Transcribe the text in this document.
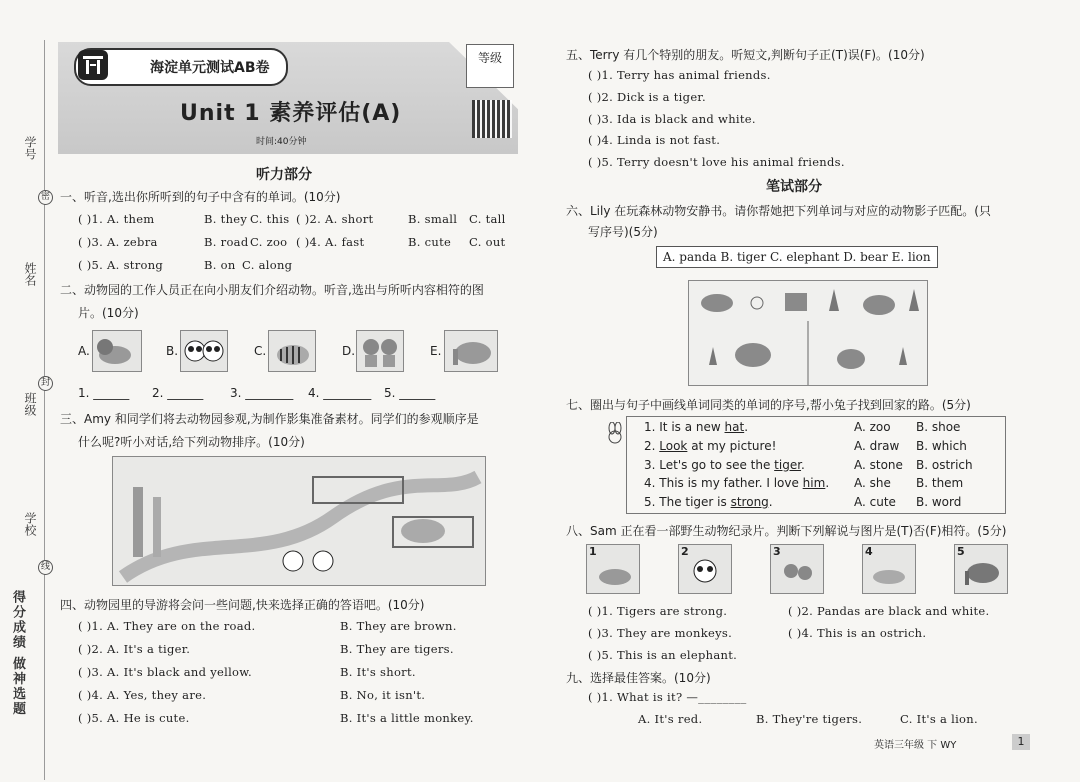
学号
姓名
班级
学校
密
封
线
得分成绩 做神选题
海淀单元测试AB卷
Unit 1 素养评估(A)
时间:40分钟
等级
听力部分
一、听音,选出你所听到的句子中含有的单词。(10分)
( )1. A. them	B. they C. this ( )2. A. short	B. small C. tall
( )3. A. zebra	B. road C. zoo ( )4. A. fast	B. cute C. out
( )5. A. strong	B. on C. along
二、动物园的工作人员正在向小朋友们介绍动物。听音,选出与所听内容相符的图
片。(10分)
A.	B.	C.	D.	E.
1. ______ 2. ______ 3. ________ 4. ________ 5. ______
三、Amy 和同学们将去动物园参观,为制作影集准备素材。同学们的参观顺序是
什么呢?听小对话,给下列动物排序。(10分)
四、动物园里的导游将会问一些问题,快来选择正确的答语吧。(10分)
( )1. A. They are on the road.	B. They are brown.
( )2. A. It's a tiger.	B. They are tigers.
( )3. A. It's black and yellow.	B. It's short.
( )4. A. Yes, they are.	B. No, it isn't.
( )5. A. He is cute.	B. It's a little monkey.
五、Terry 有几个特别的朋友。听短文,判断句子正(T)误(F)。(10分)
( )1. Terry has animal friends.
( )2. Dick is a tiger.
( )3. Ida is black and white.
( )4. Linda is not fast.
( )5. Terry doesn't love his animal friends.
笔试部分
六、Lily 在玩森林动物安静书。请你帮她把下列单词与对应的动物影子匹配。(只
写序号)(5分)
A. panda B. tiger C. elephant D. bear E. lion
七、圈出与句子中画线单词同类的单词的序号,帮小兔子找到回家的路。(5分)
1. It is a new hat.	A. zoo B. shoe
2. Look at my picture!	A. draw B. which
3. Let's go to see the tiger.	A. stone B. ostrich
4. This is my father. I love him. A. she B. them
5. The tiger is strong.	A. cute B. word
八、Sam 正在看一部野生动物纪录片。判断下列解说与图片是(T)否(F)相符。(5分)
1	2	3	4	5
( )1. Tigers are strong.	( )2. Pandas are black and white.
( )3. They are monkeys.	( )4. This is an ostrich.
( )5. This is an elephant.
九、选择最佳答案。(10分)
( )1. What is it? —________
A. It's red.	B. They're tigers.	C. It's a lion.
英语三年级 下 WY	1
